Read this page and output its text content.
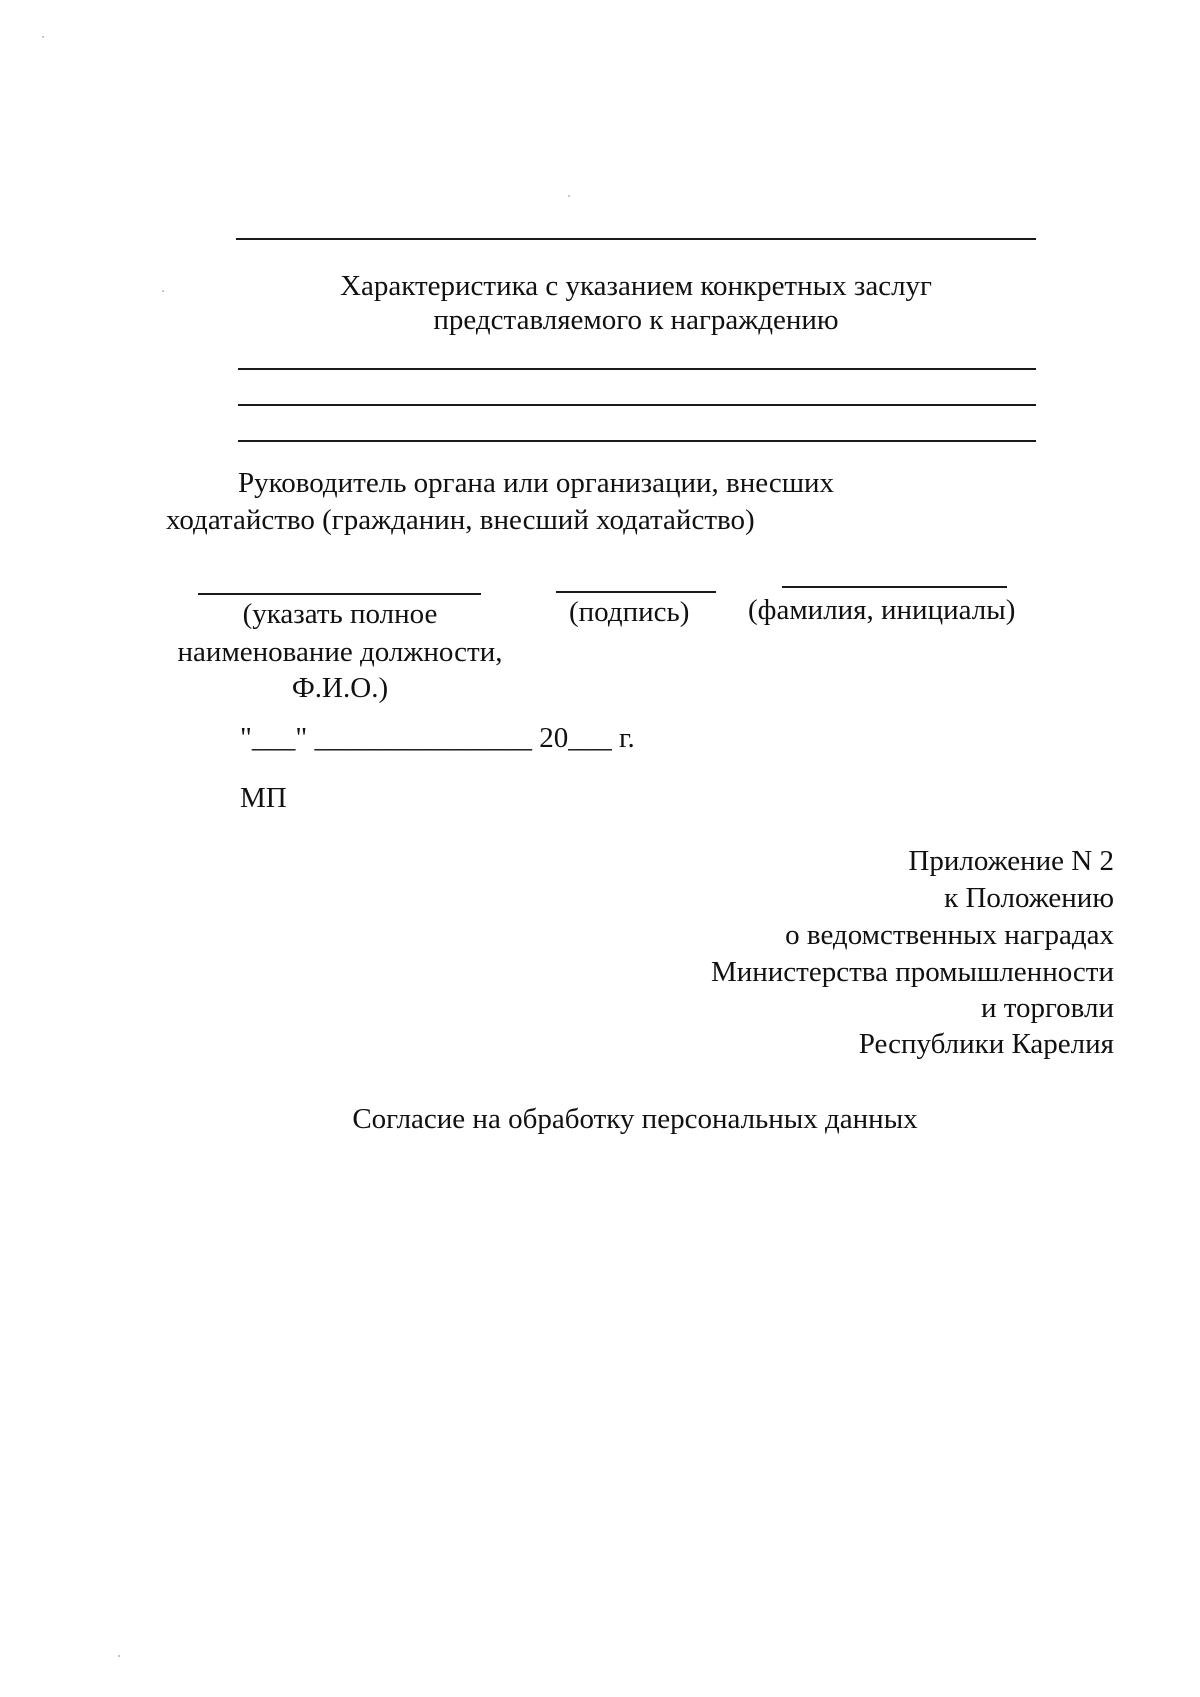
Характеристика с указанием конкретных заслуг
представляемого к награждению
Руководитель органа или организации, внесших
ходатайство (гражданин, внесший ходатайство)
(указать полное
наименование должности,
Ф.И.О.)
(подпись) (фамилия, инициалы)
"___" _______________ 20___ г.
МП
Приложение N 2
к Положению
о ведомственных наградах
Министерства промышленности
и торговли
Республики Карелия
Согласие на обработку персональных данных
